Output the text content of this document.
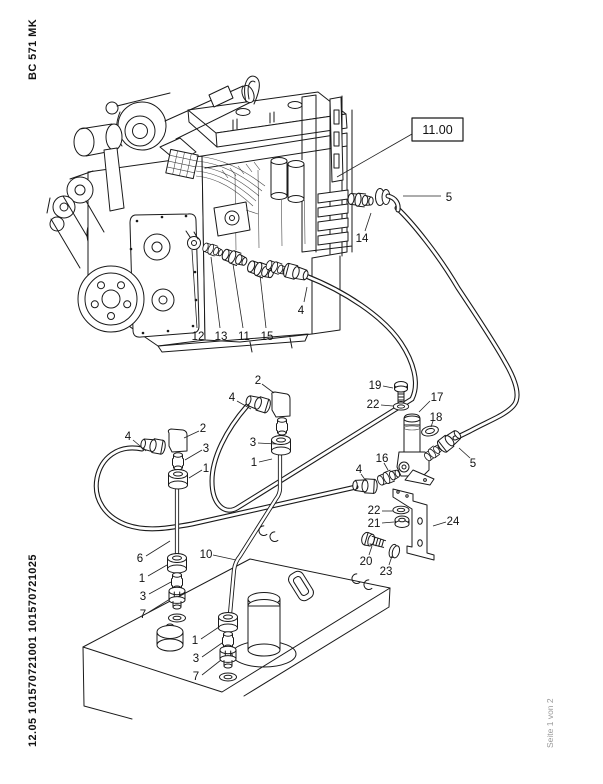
BC 571 MK
12.05 101570721001 101570721025	Seite 1 von 2
11.00
5
14
4
12 13 11 15
4
2
3
1
4
2
3
1
19
22
17
18
5
16
4
22
21	24
20
23
6
1
3
7
10
1
3
7
